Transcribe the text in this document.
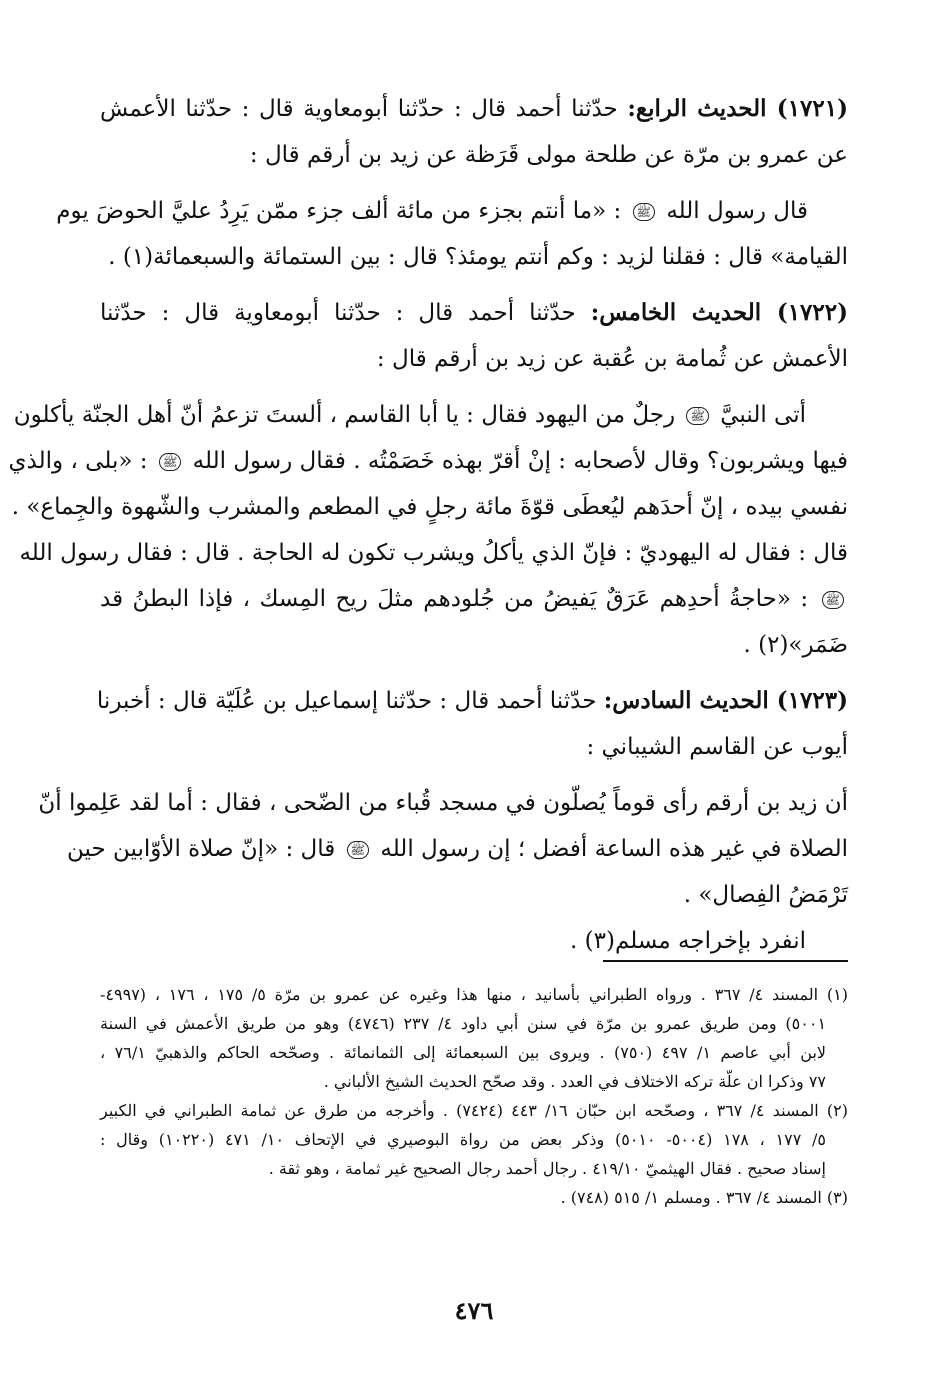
(١٧٢١) الحديث الرابع: حدّثنا أحمد قال : حدّثنا أبومعاوية قال : حدّثنا الأعمش
عن عمرو بن مرّة عن طلحة مولى قَرَظة عن زيد بن أرقم قال :
قال رسول الله ﷺ : «ما أنتم بجزء من مائة ألف جزء ممّن يَرِدُ عليَّ الحوضَ يوم
القيامة» قال : فقلنا لزيد : وكم أنتم يومئذ؟ قال : بين الستمائة والسبعمائة(١) .
(١٧٢٢) الحديث الخامس: حدّثنا أحمد قال : حدّثنا أبومعاوية قال : حدّثنا
الأعمش عن ثُمامة بن عُقبة عن زيد بن أرقم قال :
أتى النبيَّ ﷺ رجلٌ من اليهود فقال : يا أبا القاسم ، ألستَ تزعمُ أنّ أهل الجنّة يأكلون
فيها ويشربون؟ وقال لأصحابه : إنْ أقرّ بهذه خَصَمْتُه . فقال رسول الله ﷺ : «بلى ، والذي
نفسي بيده ، إنّ أحدَهم ليُعطَى قوّةَ مائة رجلٍ في المطعم والمشرب والشّهوة والجِماع» .
قال : فقال له اليهوديّ : فإنّ الذي يأكلُ ويشرب تكون له الحاجة . قال : فقال رسول الله
ﷺ : «حاجةُ أحدِهم عَرَقٌ يَفيضُ من جُلودهم مثلَ ريح المِسك ، فإذا البطنُ قد
ضَمَر»(٢) .
(١٧٢٣) الحديث السادس: حدّثنا أحمد قال : حدّثنا إسماعيل بن عُلَيّة قال : أخبرنا
أيوب عن القاسم الشيباني :
أن زيد بن أرقم رأى قوماً يُصلّون في مسجد قُباء من الضّحى ، فقال : أما لقد عَلِموا أنّ
الصلاة في غير هذه الساعة أفضل ؛ إن رسول الله ﷺ قال : «إنّ صلاة الأوّابين حين
تَرْمَضُ الفِصال» .
انفرد بإخراجه مسلم(٣) .
(١) المسند ٤/ ٣٦٧ . ورواه الطبراني بأسانيد ، منها هذا وغيره عن عمرو بن مرّة ٥/ ١٧٥ ، ١٧٦ ، (٤٩٩٧-
٥٠٠١) ومن طريق عمرو بن مرّة في سنن أبي داود ٤/ ٢٣٧ (٤٧٤٦) وهو من طريق الأعمش في السنة
لابن أبي عاصم ١/ ٤٩٧ (٧٥٠) . ويروى بين السبعمائة إلى الثمانمائة . وصحّحه الحاكم والذهبيّ ٧٦/١ ،
٧٧ وذكرا ان علّة تركه الاختلاف في العدد . وقد صحّح الحديث الشيخ الألباني .
(٢) المسند ٤/ ٣٦٧ ، وصحّحه ابن حبّان ١٦/ ٤٤٣ (٧٤٢٤) . وأخرجه من طرق عن ثمامة الطبراني في الكبير
٥/ ١٧٧ ، ١٧٨ (٥٠٠٤- ٥٠١٠) وذكر بعض من رواة البوصيري في الإتحاف ١٠/ ٤٧١ (١٠٢٢٠) وقال :
إسناد صحيح . فقال الهيثميّ ٤١٩/١٠ . رجال أحمد رجال الصحيح غير ثمامة ، وهو ثقة .
(٣) المسند ٤/ ٣٦٧ . ومسلم ١/ ٥١٥ (٧٤٨) .
٤٧٦
